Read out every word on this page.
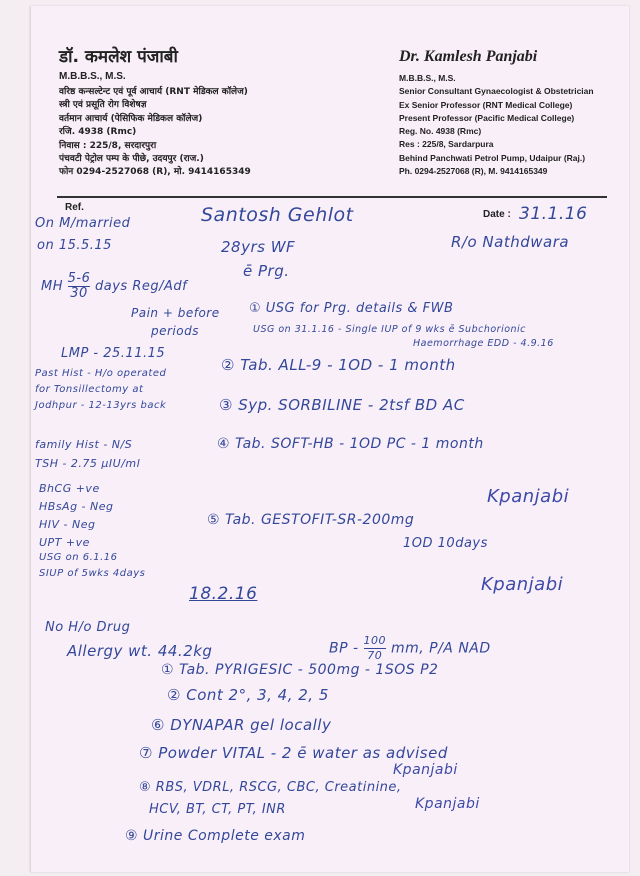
डॉ. कमलेश पंजाबी
M.B.B.S., M.S.
वरिष्ठ कन्सल्टेन्ट एवं पूर्व आचार्य (RNT मेडिकल कॉलेज)
स्त्री एवं प्रसूति रोग विशेषज्ञ
वर्तमान आचार्य (पेसिफिक मेडिकल कॉलेज)
रजि. 4938 (Rmc)
निवास : 225/8, सरदारपुरा
पंचवटी पेट्रोल पम्प के पीछे, उदयपुर (राज.)
फोन 0294-2527068 (R), मो. 9414165349
Dr. Kamlesh Panjabi
M.B.B.S., M.S.
Senior Consultant Gynaecologist & Obstetrician
Ex Senior Professor (RNT Medical College)
Present Professor (Pacific Medical College)
Reg. No. 4938 (Rmc)
Res : 225/8, Sardarpura
Behind Panchwati Petrol Pump, Udaipur (Raj.)
Ph. 0294-2527068 (R), M. 9414165349
Ref.
Date : 31.1.16
Santosh Gehlot
On M/married
28yrs WF	R/o Nathdwara
on 15.5.15
ē Prg.
MH $\frac{5-6}{30}$ days Reg/Adf
Pain + before
periods
① USG for Prg. details & FWB
USG on 31.1.16 - Single IUP of 9 wks ē Subchorionic
Haemorrhage EDD - 4.9.16
LMP - 25.11.15
Past Hist - H/o operated
for Tonsillectomy at
Jodhpur - 12-13yrs back
② Tab. ALL-9 - 1OD - 1 month
③ Syp. SORBILINE - 2tsf BD AC
family Hist - N/S
TSH - 2.75 µIU/ml
④ Tab. SOFT-HB - 1OD PC - 1 month
BhCG +ve
HBsAg - Neg
HIV - Neg
UPT +ve
USG on 6.1.16
SIUP of 5wks 4days
Kpanjabi
⑤ Tab. GESTOFIT-SR-200mg
1OD 10days
Kpanjabi
18.2.16
No H/o Drug
Allergy wt. 44.2kg	BP - $\frac{100}{70}$ mm, P/A NAD
① Tab. PYRIGESIC - 500mg - 1SOS P2
② Cont 2°, 3, 4, 2, 5
⑥ DYNAPAR gel locally
⑦ Powder VITAL - 2 ē water as advised
Kpanjabi
⑧ RBS, VDRL, RSCG, CBC, Creatinine,
HCV, BT, CT, PT, INR	Kpanjabi
⑨ Urine Complete exam
